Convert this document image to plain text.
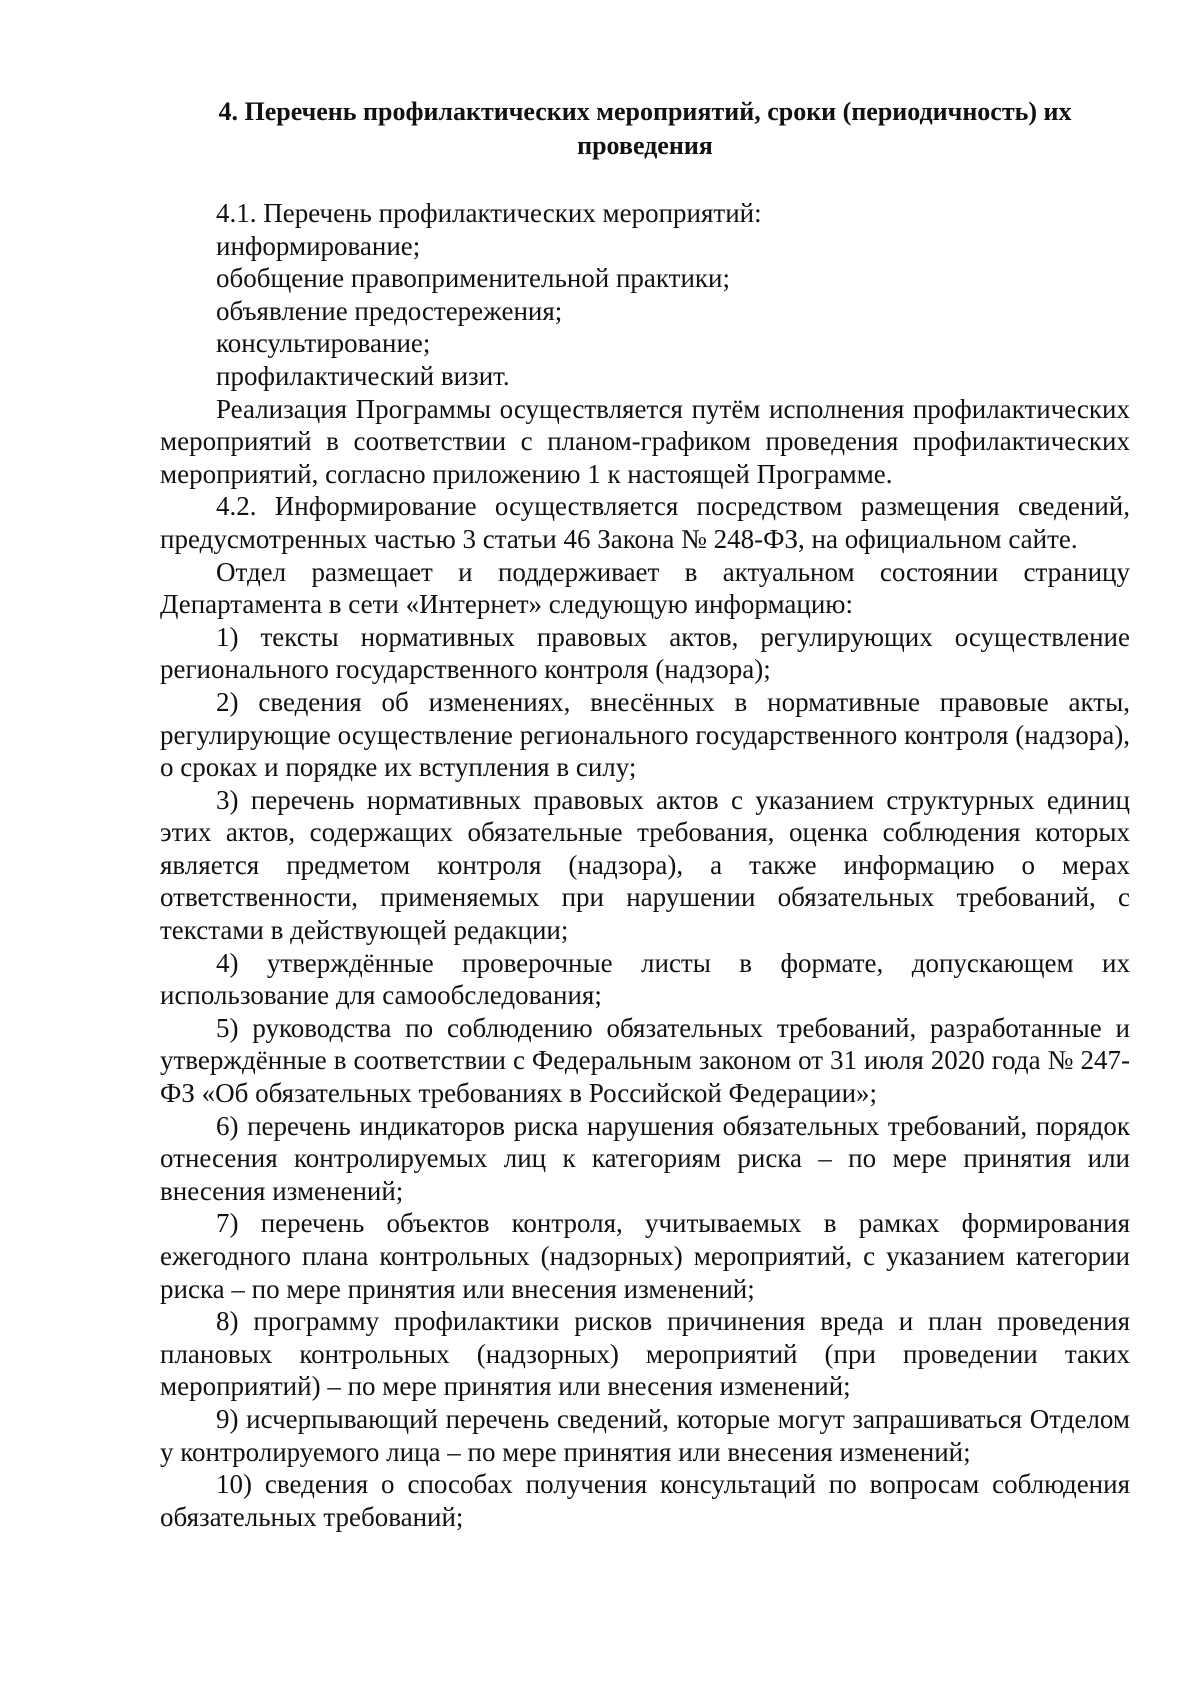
4. Перечень профилактических мероприятий, сроки (периодичность) их проведения

4.1. Перечень профилактических мероприятий:

информирование;

обобщение правоприменительной практики;

объявление предостережения;

консультирование;

профилактический визит.

Реализация Программы осуществляется путём исполнения профилактических мероприятий в соответствии с планом-графиком проведения профилактических мероприятий, согласно приложению 1 к настоящей Программе.

4.2. Информирование осуществляется посредством размещения сведений, предусмотренных частью 3 статьи 46 Закона № 248-ФЗ, на официальном сайте.

Отдел размещает и поддерживает в актуальном состоянии страницу Департамента в сети «Интернет» следующую информацию:

1) тексты нормативных правовых актов, регулирующих осуществление регионального государственного контроля (надзора);

2) сведения об изменениях, внесённых в нормативные правовые акты, регулирующие осуществление регионального государственного контроля (надзора), о сроках и порядке их вступления в силу;

3) перечень нормативных правовых актов с указанием структурных единиц этих актов, содержащих обязательные требования, оценка соблюдения которых является предметом контроля (надзора), а также информацию о мерах ответственности, применяемых при нарушении обязательных требований, с текстами в действующей редакции;

4) утверждённые проверочные листы в формате, допускающем их использование для самообследования;

5) руководства по соблюдению обязательных требований, разработанные и утверждённые в соответствии с Федеральным законом от 31 июля 2020 года № 247-ФЗ «Об обязательных требованиях в Российской Федерации»;

6) перечень индикаторов риска нарушения обязательных требований, порядок отнесения контролируемых лиц к категориям риска – по мере принятия или внесения изменений;

7) перечень объектов контроля, учитываемых в рамках формирования ежегодного плана контрольных (надзорных) мероприятий, с указанием категории риска – по мере принятия или внесения изменений;

8) программу профилактики рисков причинения вреда и план проведения плановых контрольных (надзорных) мероприятий (при проведении таких мероприятий) – по мере принятия или внесения изменений;

9) исчерпывающий перечень сведений, которые могут запрашиваться Отделом у контролируемого лица – по мере принятия или внесения изменений;

10) сведения о способах получения консультаций по вопросам соблюдения обязательных требований;
